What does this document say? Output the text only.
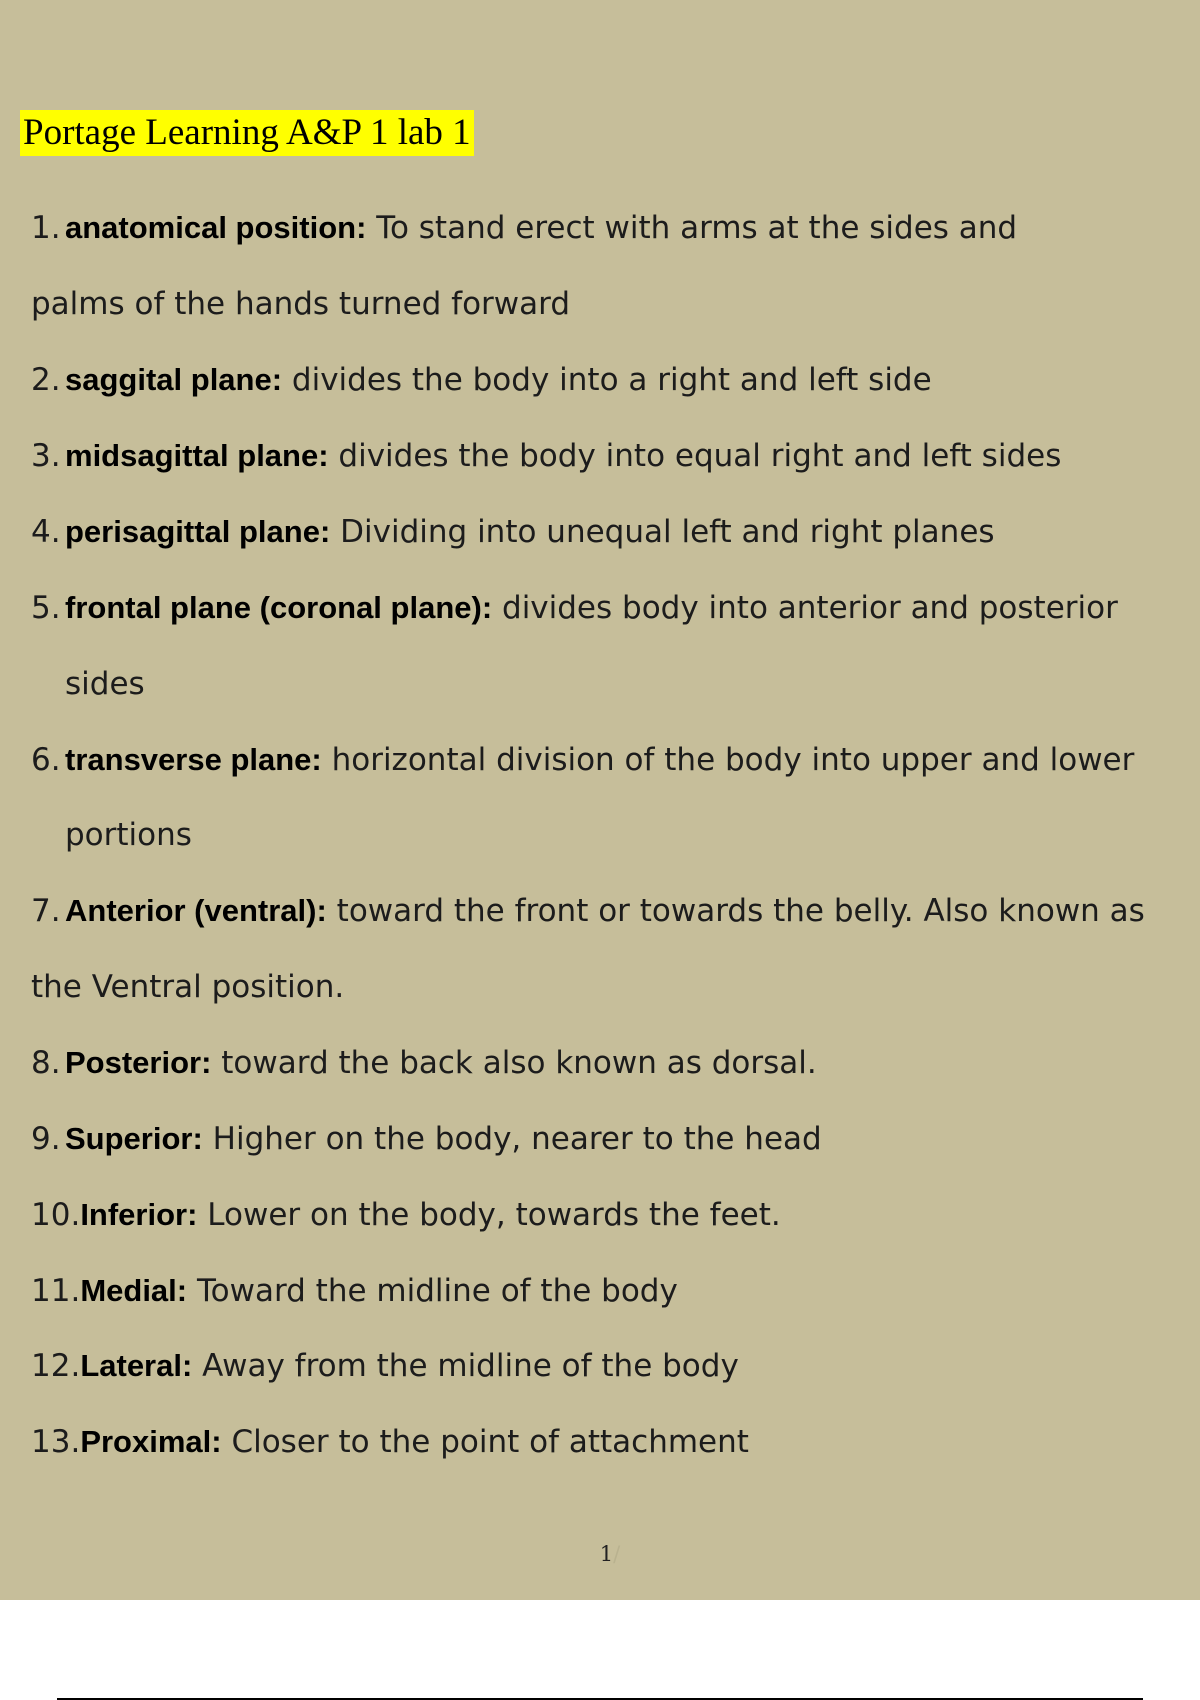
Portage Learning A&P 1 lab 1
1. anatomical position: To stand erect with arms at the sides and
palms of the hands turned forward
2. saggital plane: divides the body into a right and left side
3. midsagittal plane: divides the body into equal right and left sides
4. perisagittal plane: Dividing into unequal left and right planes
5. frontal plane (coronal plane): divides body into anterior and posterior
sides
6. transverse plane: horizontal division of the body into upper and lower
portions
7. Anterior (ventral): toward the front or towards the belly. Also known as
the Ventral position.
8. Posterior: toward the back also known as dorsal.
9. Superior: Higher on the body, nearer to the head
10.Inferior: Lower on the body, towards the feet.
11.Medial: Toward the midline of the body
12.Lateral: Away from the midline of the body
13.Proximal: Closer to the point of attachment
1/
